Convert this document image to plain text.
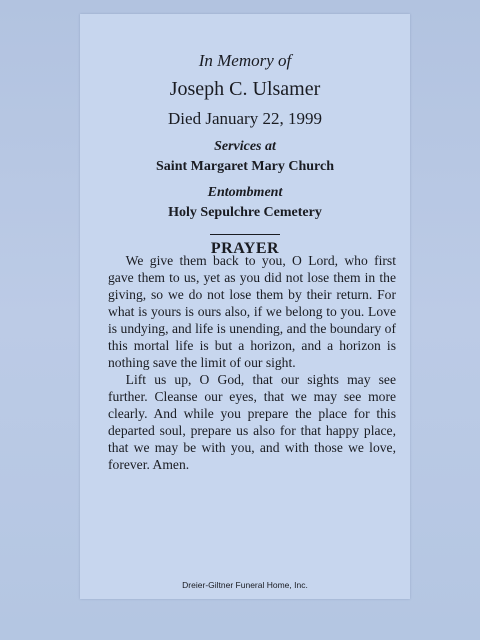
In Memory of

Joseph C. Ulsamer

Died January 22, 1999

Services at

Saint Margaret Mary Church

Entombment

Holy Sepulchre Cemetery

PRAYER

We give them back to you, O Lord, who first gave them to us, yet as you did not lose them in the giving, so we do not lose them by their return. For what is yours is ours also, if we belong to you. Love is undying, and life is unending, and the boundary of this mortal life is but a horizon, and a horizon is nothing save the limit of our sight.

Lift us up, O God, that our sights may see further. Cleanse our eyes, that we may see more clearly. And while you prepare the place for this departed soul, prepare us also for that happy place, that we may be with you, and with those we love, forever. Amen.

Dreier-Giltner Funeral Home, Inc.
